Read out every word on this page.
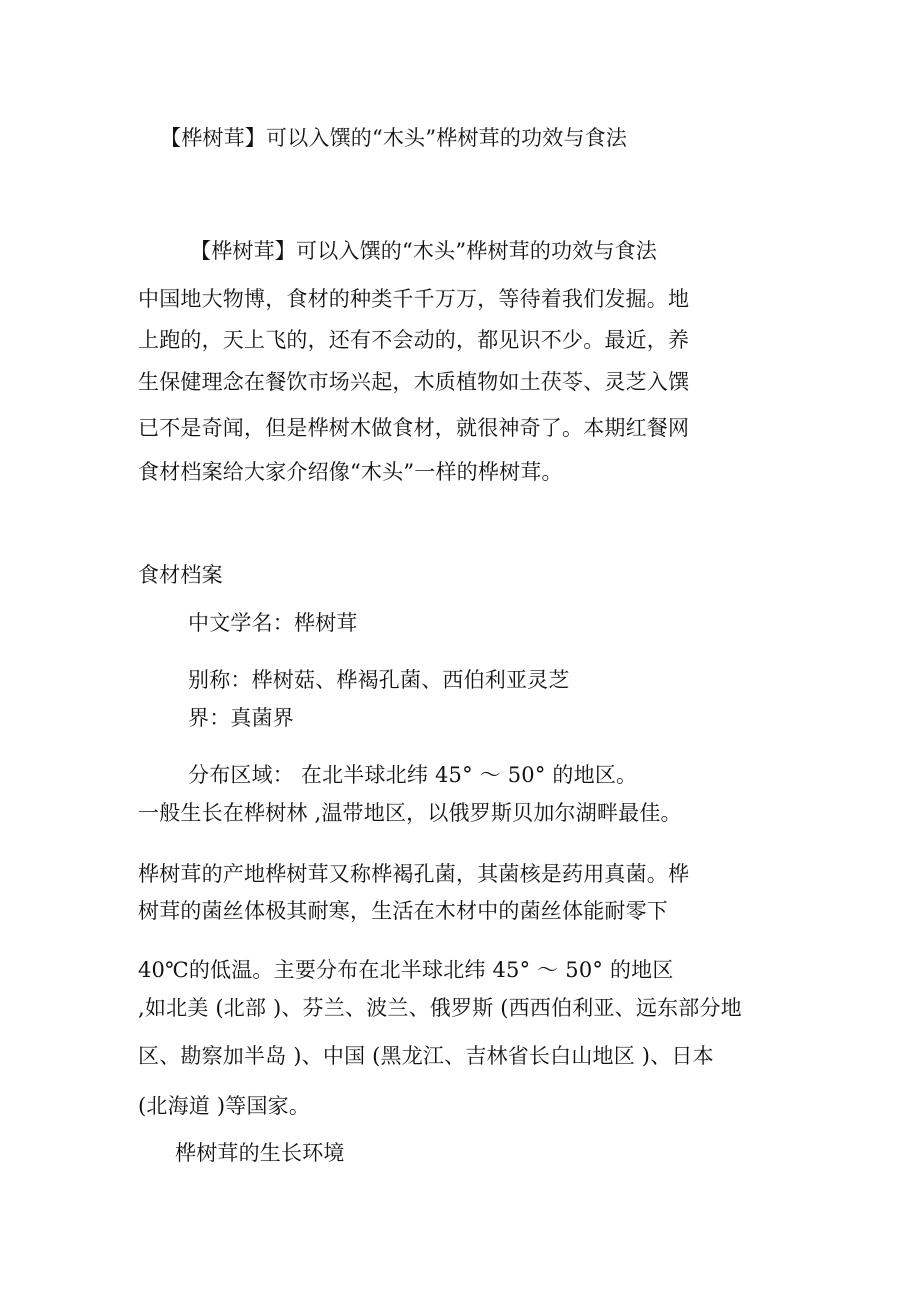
【桦树茸】可以入馔的“木头”桦树茸的功效与食法
【桦树茸】可以入馔的“木头”桦树茸的功效与食法
中国地大物博，食材的种类千千万万，等待着我们发掘。地
上跑的，天上飞的，还有不会动的，都见识不少。最近，养
生保健理念在餐饮市场兴起，木质植物如土茯苓、灵芝入馔
已不是奇闻，但是桦树木做食材，就很神奇了。本期红餐网
食材档案给大家介绍像“木头”一样的桦树茸。
食材档案
中文学名：桦树茸
别称：桦树菇、桦褐孔菌、西伯利亚灵芝
界：真菌界
分布区域： 在北半球北纬 45° ～ 50° 的地区。
一般生长在桦树林 ,温带地区，以俄罗斯贝加尔湖畔最佳。
桦树茸的产地桦树茸又称桦褐孔菌，其菌核是药用真菌。桦
树茸的菌丝体极其耐寒，生活在木材中的菌丝体能耐零下
40℃的低温。主要分布在北半球北纬 45° ～ 50° 的地区
,如北美 (北部 )、芬兰、波兰、俄罗斯 (西西伯利亚、远东部分地
区、勘察加半岛 )、中国 (黑龙江、吉林省长白山地区 )、日本
(北海道 )等国家。
桦树茸的生长环境
